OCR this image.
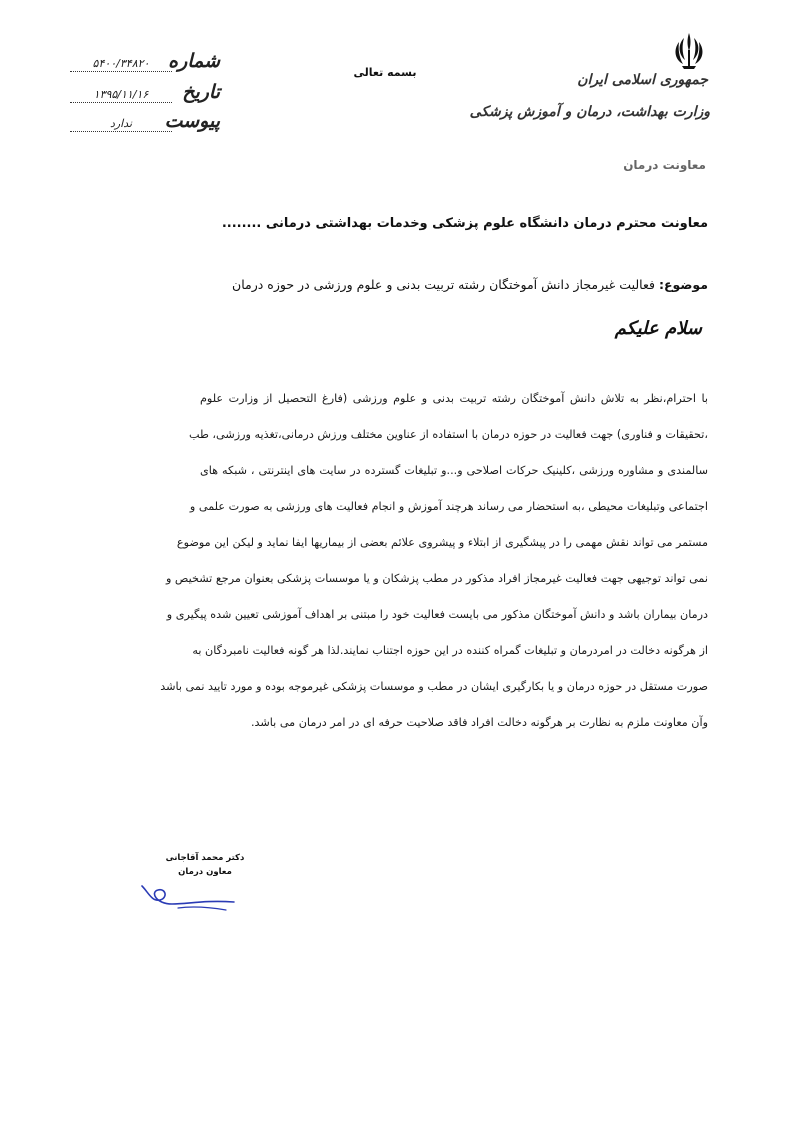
شماره
۵۴۰۰/۳۴۸۲۰
تاریخ
۱۳۹۵/۱۱/۱۶
پیوست
ندارد
بسمه تعالی	جمهوری اسلامی ایران
وزارت بهداشت، درمان و آموزش پزشکی
معاونت درمان
معاونت محترم درمان دانشگاه علوم پزشکی وخدمات بهداشتی درمانی ........
موضوع: فعالیت غیرمجاز دانش آموختگان رشته تربیت بدنی و علوم ورزشی در حوزه درمان
سلام علیکم
با احترام،نظر به تلاش دانش آموختگان رشته تربیت بدنی و علوم ورزشی (فارغ التحصیل از وزارت علوم
،تحقیقات و فناوری) جهت فعالیت در حوزه درمان با استفاده از عناوین مختلف ورزش درمانی،تغذیه ورزشی، طب
سالمندی و مشاوره ورزشی ،کلینیک حرکات اصلاحی و...و تبلیغات گسترده در سایت های اینترنتی ، شبکه های
اجتماعی وتبلیغات محیطی ،به استحضار می رساند هرچند آموزش و انجام فعالیت های ورزشی به صورت علمی و
مستمر می تواند نقش مهمی را در پیشگیری از ابتلاء و پیشروی علائم بعضی از بیماریها ایفا نماید و لیکن این موضوع
نمی تواند توجیهی جهت فعالیت غیرمجاز افراد مذکور در مطب پزشکان و یا موسسات پزشکی بعنوان مرجع تشخیص و
درمان بیماران باشد و دانش آموختگان مذکور می بایست فعالیت خود را مبتنی بر اهداف آموزشی تعیین شده پیگیری و
از هرگونه دخالت در امردرمان و تبلیغات گمراه کننده در این حوزه اجتناب نمایند.لذا هر گونه فعالیت نامبردگان به
صورت مستقل در حوزه درمان و یا بکارگیری ایشان در مطب و موسسات پزشکی غیرموجه بوده و مورد تایید نمی باشد
وآن معاونت ملزم به نظارت بر هرگونه دخالت افراد فاقد صلاحیت حرفه ای در امر درمان می باشد.
دکتر محمد آقاجانی
معاون درمان
